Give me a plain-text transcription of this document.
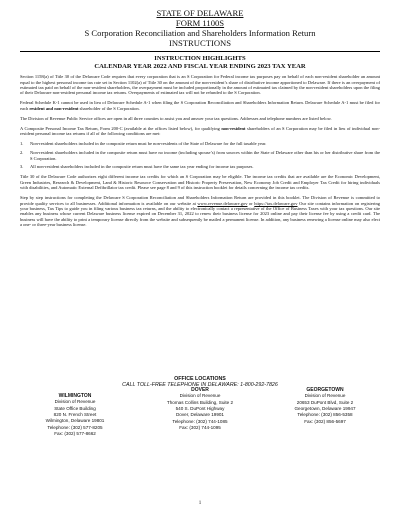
STATE OF DELAWARE
FORM 1100S
S Corporation Reconciliation and Shareholders Information Return
INSTRUCTIONS
INSTRUCTION HIGHLIGHTS
CALENDAR YEAR 2022 AND FISCAL YEAR ENDING 2023 TAX YEAR

Section 1158(a) of Title 30 of the Delaware Code requires that every corporation that is an S Corporation for Federal income tax purposes pay on behalf of each non-resident shareholder an amount equal to the highest personal income tax rate set in Section 1102(a) of Title 30 on the amount of the non-resident’s share of distributive income apportioned to Delaware. If there is an overpayment of estimated tax paid on behalf of the non-resident shareholders, the overpayment must be included proportionally in the amount of estimated tax claimed by the non-resident shareholders upon the filing of their Delaware non-resident personal income tax returns. Overpayments of estimated tax will not be refunded to the S Corporation.

Federal Schedule K-1 cannot be used in lieu of Delaware Schedule A-1 when filing the S Corporation Reconciliation and Shareholders Information Return. Delaware Schedule A-1 must be filed for each resident and non-resident shareholder of the S Corporation.

The Division of Revenue Public Service offices are open in all three counties to assist you and answer your tax questions. Addresses and telephone numbers are listed below.

A Composite Personal Income Tax Return, Form 200-C (available at the offices listed below), for qualifying non-resident shareholders of an S Corporation may be filed in lieu of individual non-resident personal income tax returns if all of the following conditions are met:

1.	Non-resident shareholders included in the composite return must be non-residents of the State of Delaware for the full taxable year.
2.	Non-resident shareholders included in the composite return must have no income (including spouse’s) from sources within the State of Delaware other than his or her distributive share from the S Corporation.
3.	All non-resident shareholders included in the composite return must have the same tax year ending for income tax purposes.

Title 30 of the Delaware Code authorizes eight different income tax credits for which an S Corporation may be eligible. The income tax credits that are available are the Economic Development, Green Industries, Research & Development, Land & Historic Resource Conservation and Historic Property Preservation, New Economy Job Credit and Employer Tax Credit for hiring individuals with disabilities, and Automatic External Defibrillator tax credit. Please see page 8 and 9 of this instruction booklet for details concerning the income tax credits.

Step by step instructions for completing the Delaware S Corporation Reconciliation and Shareholders Information Return are provided in this booklet. The Division of Revenue is committed to provide quality services to all businesses. Additional information is available on our website at www.revenue.delaware.gov or https://tax.delaware.gov Our site contains information on registering your business, Tax Tips to guide you in filing various business tax returns, and the ability to electronically contact a representative of the Office of Business Taxes with your tax questions. Our site enables any business whose current Delaware business license expired on December 31, 2022 to renew their business license for 2023 online and pay their license fee by using a credit card. The business will have the ability to print a temporary license directly from the website and subsequently be mailed a permanent license. In addition, any business renewing a license online may also elect a one- or three-year business license.

OFFICE LOCATIONS
CALL TOLL-FREE TELEPHONE IN DELAWARE: 1-800-292-7826
WILMINGTON
Division of Revenue
State Office Building
820 N. French Street
Wilmington, Delaware 19801
Telephone: (302) 577-8205
Fax: (302) 577-8662
DOVER
Division of Revenue
Thomas Collins Building, Suite 2
540 S. DuPont Highway
Dover, Delaware 19901
Telephone: (302) 744-1085
Fax: (302) 744-1095
GEORGETOWN
Division of Revenue
20653 DuPont Blvd, Suite 2
Georgetown, Delaware 19947
Telephone: (302) 856-5358
Fax: (302) 856-5697
1
